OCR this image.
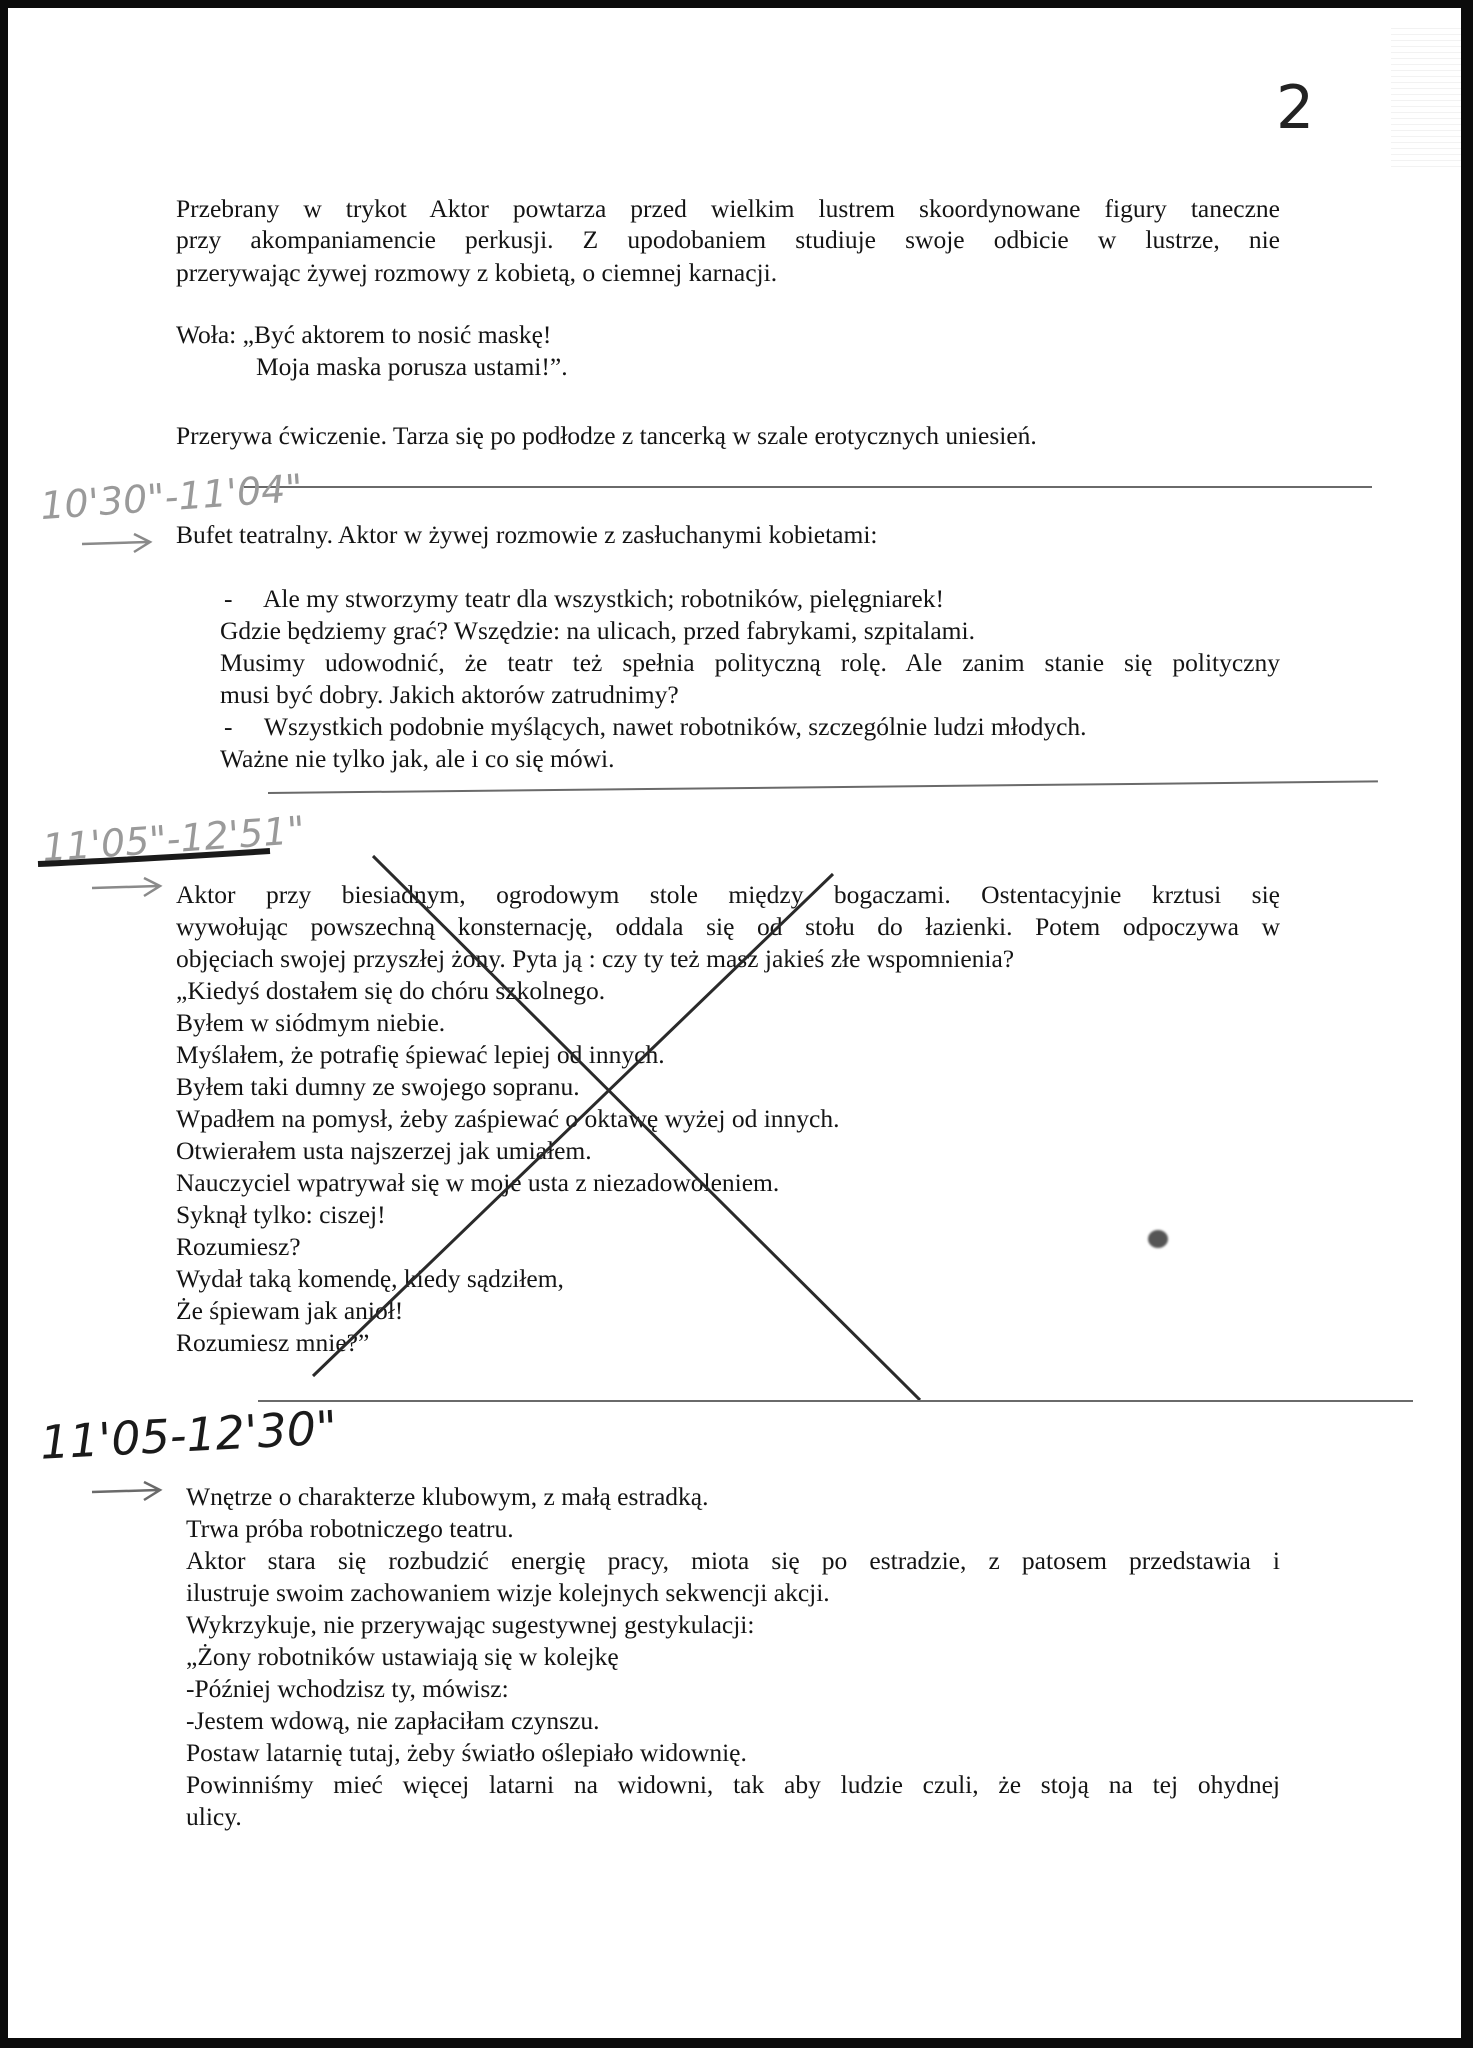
2
Przebrany w trykot Aktor powtarza przed wielkim lustrem skoordynowane figury taneczne
przy akompaniamencie perkusji. Z upodobaniem studiuje swoje odbicie w lustrze, nie
przerywając żywej rozmowy z kobietą, o ciemnej karnacji.
Woła: „Być aktorem to nosić maskę!
Moja maska porusza ustami!”.
Przerywa ćwiczenie. Tarza się po podłodze z tancerką w szale erotycznych uniesień.
10'30"-11'04"
Bufet teatralny. Aktor w żywej rozmowie z zasłuchanymi kobietami:
-     Ale my stworzymy teatr dla wszystkich; robotników, pielęgniarek!
Gdzie będziemy grać? Wszędzie: na ulicach, przed fabrykami, szpitalami.
Musimy udowodnić, że teatr też spełnia polityczną rolę. Ale zanim stanie się polityczny
musi być dobry. Jakich aktorów zatrudnimy?
-     Wszystkich podobnie myślących, nawet robotników, szczególnie ludzi młodych.
Ważne nie tylko jak, ale i co się mówi.
11'05"-12'51"
Aktor przy biesiadnym, ogrodowym stole między bogaczami. Ostentacyjnie krztusi się
wywołując powszechną konsternację, oddala się od stołu do łazienki. Potem odpoczywa w
objęciach swojej przyszłej żony. Pyta ją : czy ty też masz jakieś złe wspomnienia?
„Kiedyś dostałem się do chóru szkolnego.
Byłem w siódmym niebie.
Myślałem, że potrafię śpiewać lepiej od innych.
Byłem taki dumny ze swojego sopranu.
Wpadłem na pomysł, żeby zaśpiewać o oktawę wyżej od innych.
Otwierałem usta najszerzej jak umiałem.
Nauczyciel wpatrywał się w moje usta z niezadowoleniem.
Syknął tylko: ciszej!
Rozumiesz?
Wydał taką komendę, kiedy sądziłem,
Że śpiewam jak anioł!
Rozumiesz mnie?”
11'05-12'30"
Wnętrze o charakterze klubowym, z małą estradką.
Trwa próba robotniczego teatru.
Aktor stara się rozbudzić energię pracy, miota się po estradzie, z patosem przedstawia i
ilustruje swoim zachowaniem wizje kolejnych sekwencji akcji.
Wykrzykuje, nie przerywając sugestywnej gestykulacji:
„Żony robotników ustawiają się w kolejkę
-Później wchodzisz ty, mówisz:
-Jestem wdową, nie zapłaciłam czynszu.
Postaw latarnię tutaj, żeby światło oślepiało widownię.
Powinniśmy mieć więcej latarni na widowni, tak aby ludzie czuli, że stoją na tej ohydnej
ulicy.
